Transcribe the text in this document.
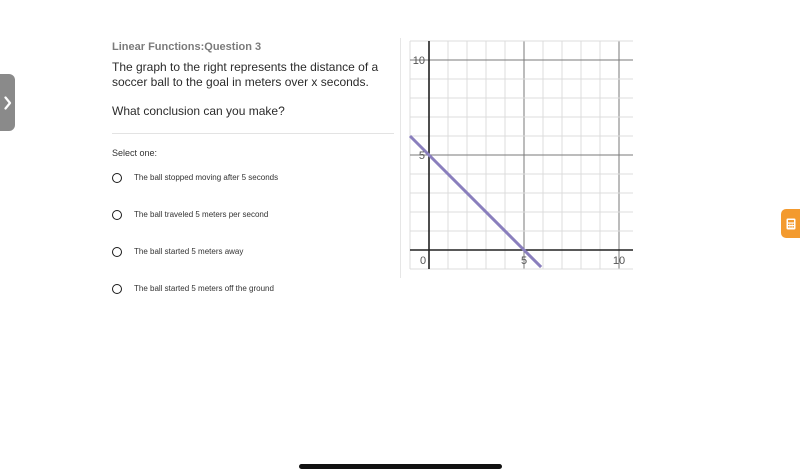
Linear Functions:Question 3

The graph to the right represents the distance of a soccer ball to the goal in meters over x seconds.

What conclusion can you make?

Select one:
The ball stopped moving after 5 seconds
The ball traveled 5 meters per second
The ball started 5 meters away
The ball started 5 meters off the ground
0	5	10
5
10
